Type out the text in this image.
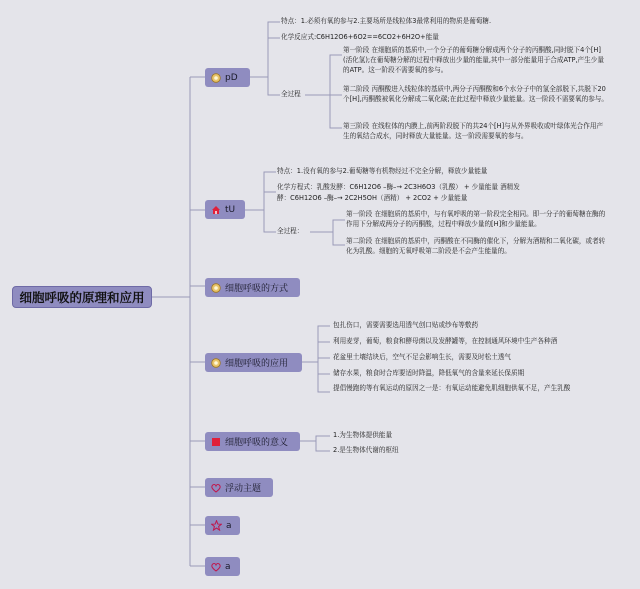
细胞呼吸的原理和应用
pD
特点：1.必须有氧的参与2.主要场所是线粒体3最常利用的物质是葡萄糖.
化学反应式:C6H12O6+6O2==6CO2+6H2O+能量
全过程
第一阶段 在细胞质的基质中,一个分子的葡萄糖分解成两个分子的丙酮酸,同时脱下4个[H](活化氢);在葡萄糖分解的过程中释放出少量的能量,其中一部分能量用于合成ATP,产生少量的ATP。这一阶段不需要氧的参与。
第二阶段 丙酮酸进入线粒体的基质中,两分子丙酮酸和6个水分子中的氢全部脱下,共脱下20个[H],丙酮酸被氧化分解成二氧化碳;在此过程中释放少量能量。这一阶段不需要氧的参与。
第三阶段 在线粒体的内膜上,前两阶段脱下的共24个[H]与从外界吸收或叶绿体光合作用产生的氧结合成水，同时释放大量能量。这一阶段需要氧的参与。
tU
特点：1.没有氧的参与2.葡萄糖等有机物经过不完全分解，释放少量能量
化学方程式：乳酸发酵：C6H12O6 –酶–→ 2C3H6O3（乳酸） + 少量能量 酒精发
酵：C6H12O6 –酶–→ 2C2H5OH（酒精） + 2CO2 + 少量能量
全过程：
第一阶段 在细胞质的基质中，与有氧呼吸的第一阶段完全相同。即一分子的葡萄糖在酶的作用下分解成两分子的丙酮酸，过程中释放少量的[H]和少量能量。
第二阶段 在细胞质的基质中，丙酮酸在不同酶的催化下，分解为酒精和二氧化碳，或者转化为乳酸。细胞的无氧呼吸第二阶段是不会产生能量的。
细胞呼吸的方式
细胞呼吸的应用
包扎伤口，需要需要选用透气创口贴或纱布等敷药
利用麦芽，葡萄，粮食和酵母菌以及发酵罐等，在控制通风环境中生产各种酒
花盆里土壤结块后，空气不足会影响生长，需要及时松土透气
储存水果，粮食时合库要适时降温，降低氧气的含量来延长保质期
提倡慢跑的等有氧运动的原因之一是：有氧运动能避免肌细胞供氧不足，产生乳酸
细胞呼吸的意义
1.为生物体提供能量
2.是生物体代谢的枢纽
浮动主题
a
a
